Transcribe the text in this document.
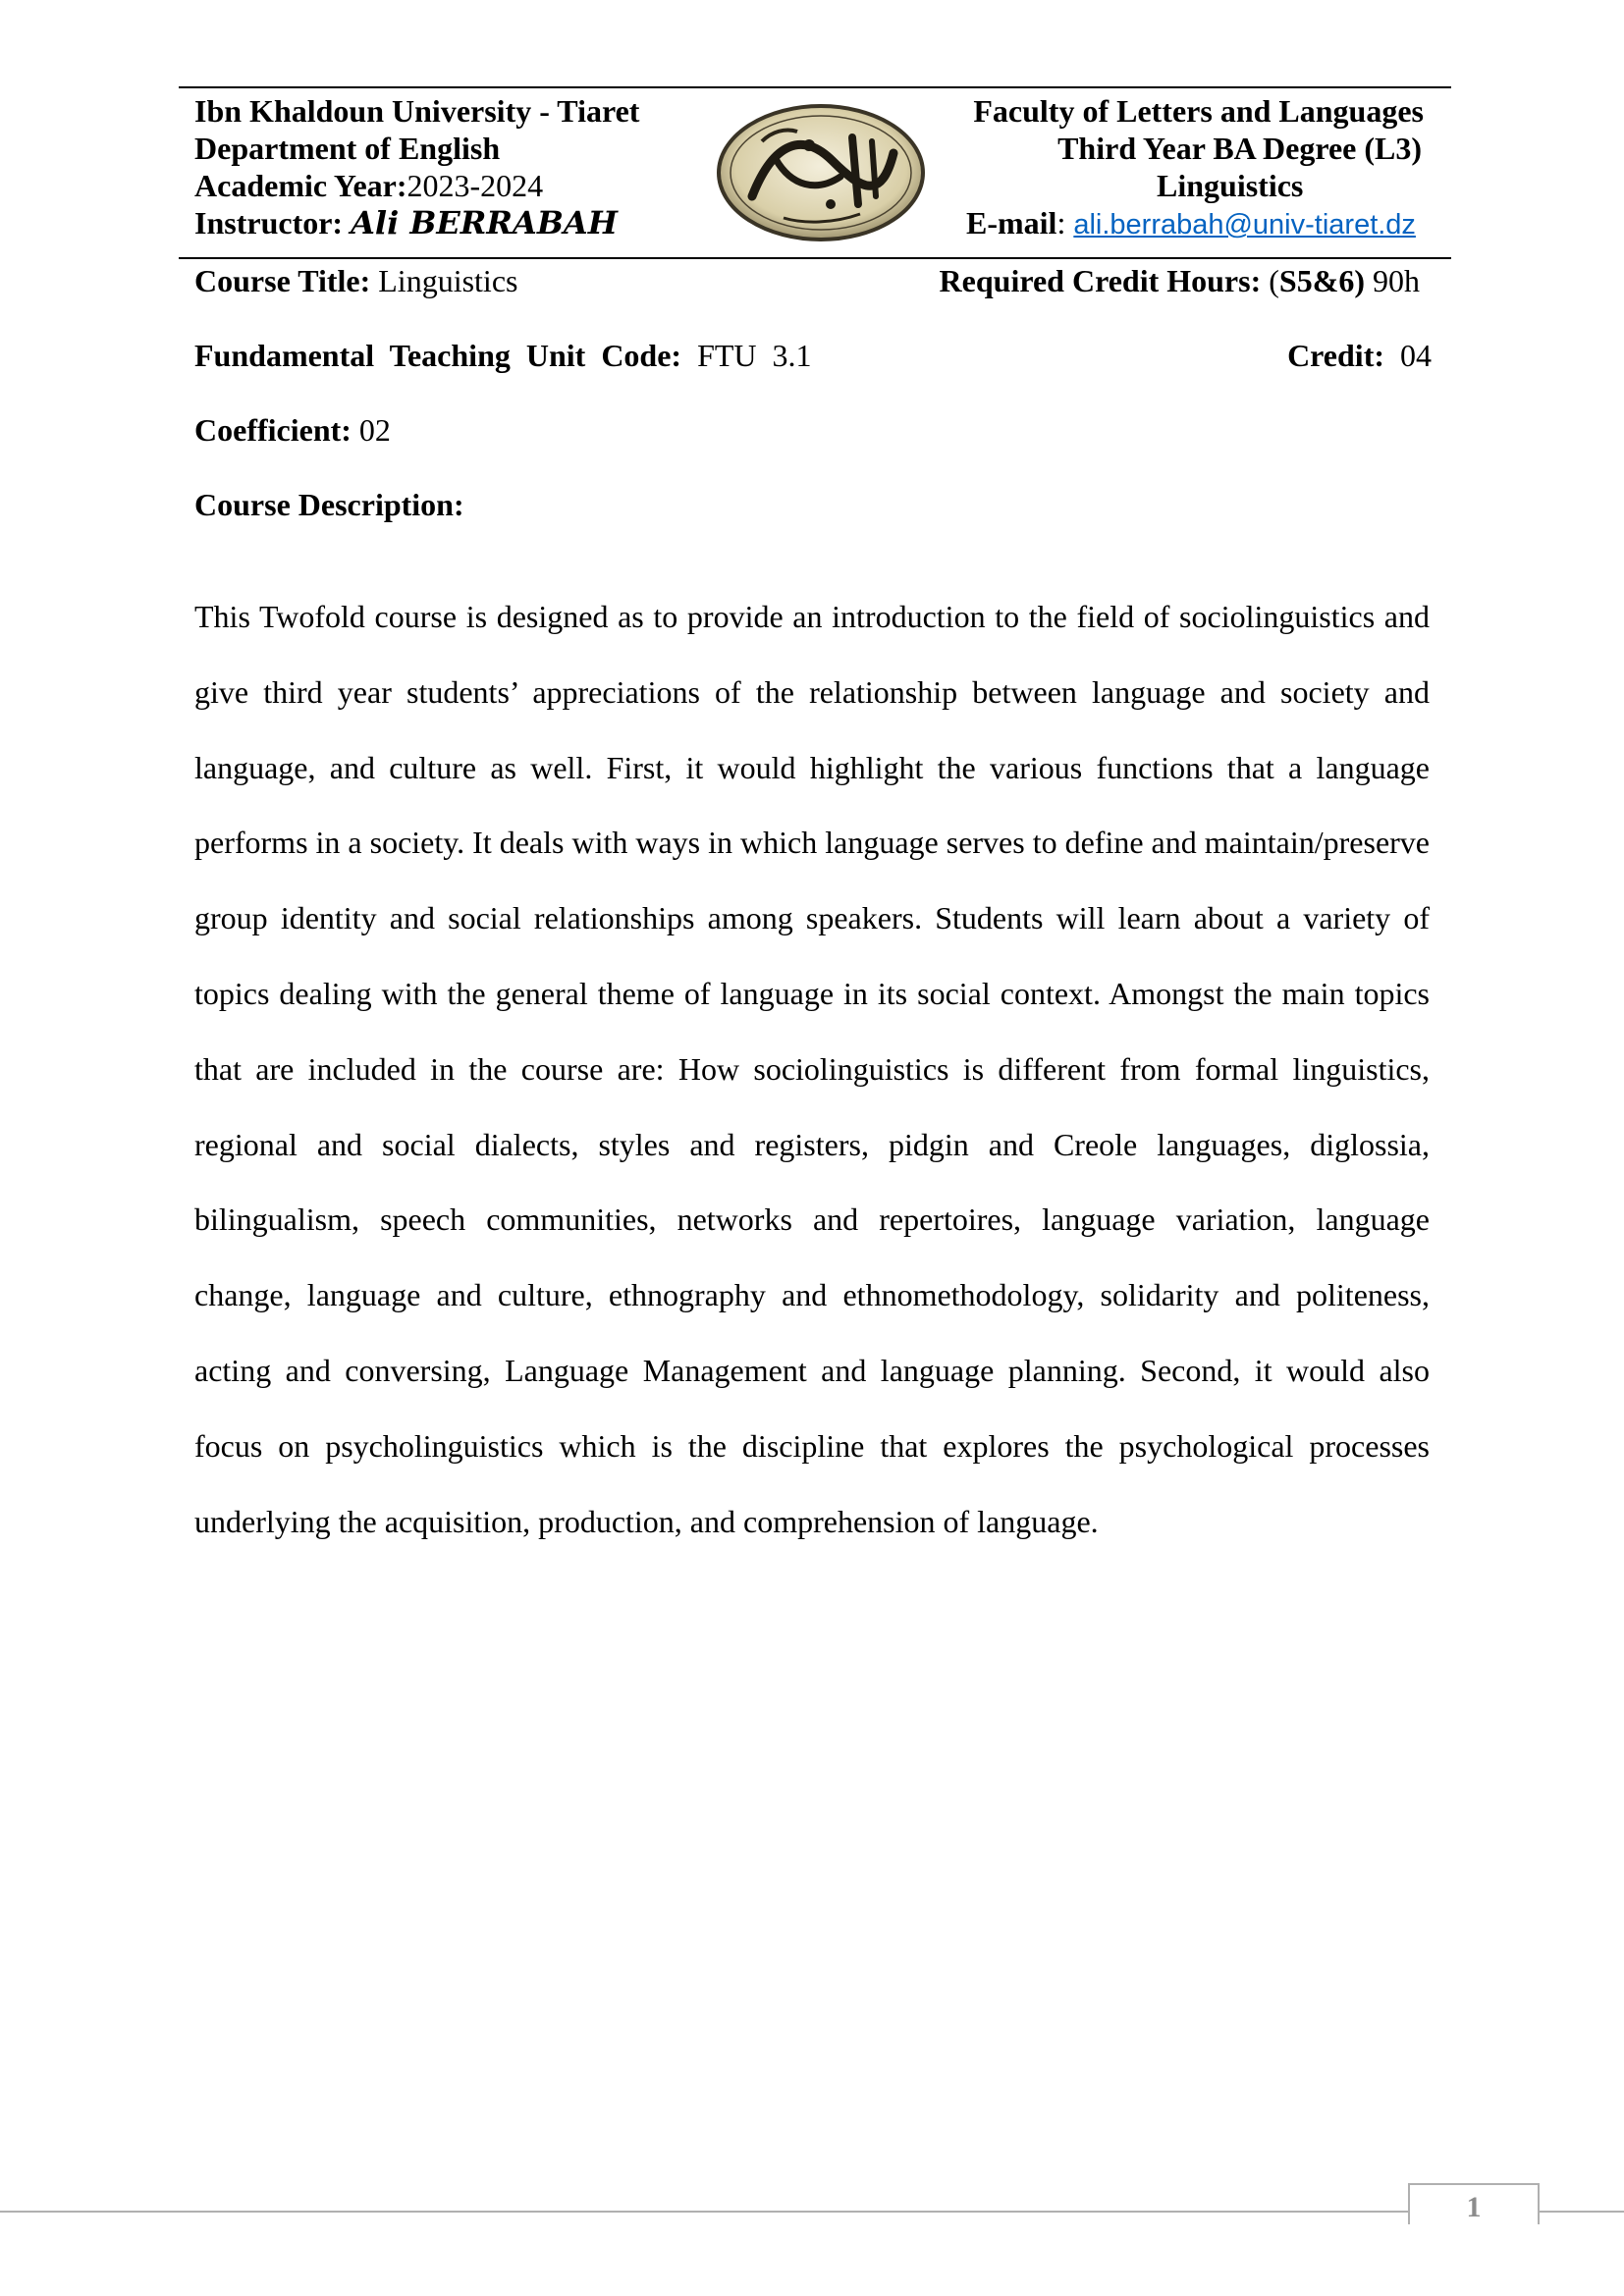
Ibn Khaldoun University - Tiaret
Department of English
Academic Year:2023-2024
Instructor: Ali BERRABAH
Faculty of Letters and Languages
Third Year BA Degree (L3)
Linguistics
E-mail: ali.berrabah@univ-tiaret.dz
Course Title: Linguistics	Required Credit Hours: (S5&6) 90h
Fundamental  Teaching  Unit  Code: FTU  3.1	Credit: 04
Coefficient: 02
Course Description:

This Twofold course is designed as to provide an introduction to the field of sociolinguistics and give third year students’ appreciations of the relationship between language and society and language, and culture as well. First, it would highlight the various functions that a language performs in a society. It deals with ways in which language serves to define and maintain/preserve group identity and social relationships among speakers. Students will learn about a variety of topics dealing with the general theme of language in its social context. Amongst the main topics that are included in the course are: How sociolinguistics is different from formal linguistics, regional and social dialects, styles and registers, pidgin and Creole languages, diglossia, bilingualism, speech communities, networks and repertoires, language variation, language change, language and culture, ethnography and ethnomethodology, solidarity and politeness, acting and conversing, Language Management and language planning. Second, it would also focus on psycholinguistics which is the discipline that explores the psychological processes underlying the acquisition, production, and comprehension of language.

1
